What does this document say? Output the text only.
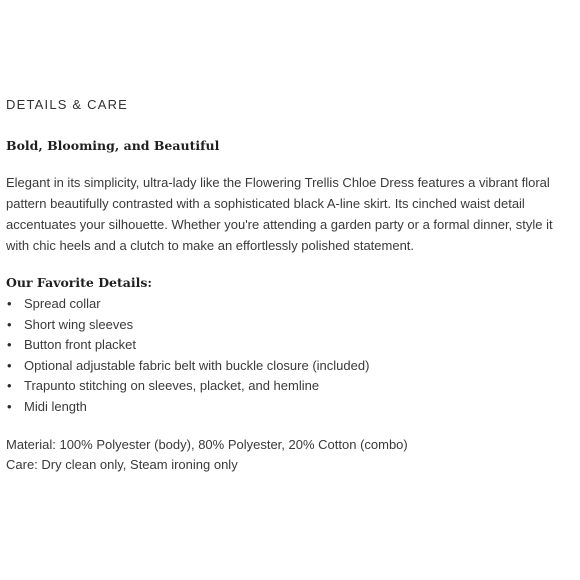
DETAILS & CARE
Bold, Blooming, and Beautiful
Elegant in its simplicity, ultra-lady like the Flowering Trellis Chloe Dress features a vibrant floral pattern beautifully contrasted with a sophisticated black A-line skirt. Its cinched waist detail accentuates your silhouette. Whether you're attending a garden party or a formal dinner, style it with chic heels and a clutch to make an effortlessly polished statement.
Our Favorite Details:
• Spread collar
• Short wing sleeves
• Button front placket
• Optional adjustable fabric belt with buckle closure (included)
• Trapunto stitching on sleeves, placket, and hemline
• Midi length
Material: 100% Polyester (body), 80% Polyester, 20% Cotton (combo)
Care: Dry clean only, Steam ironing only
